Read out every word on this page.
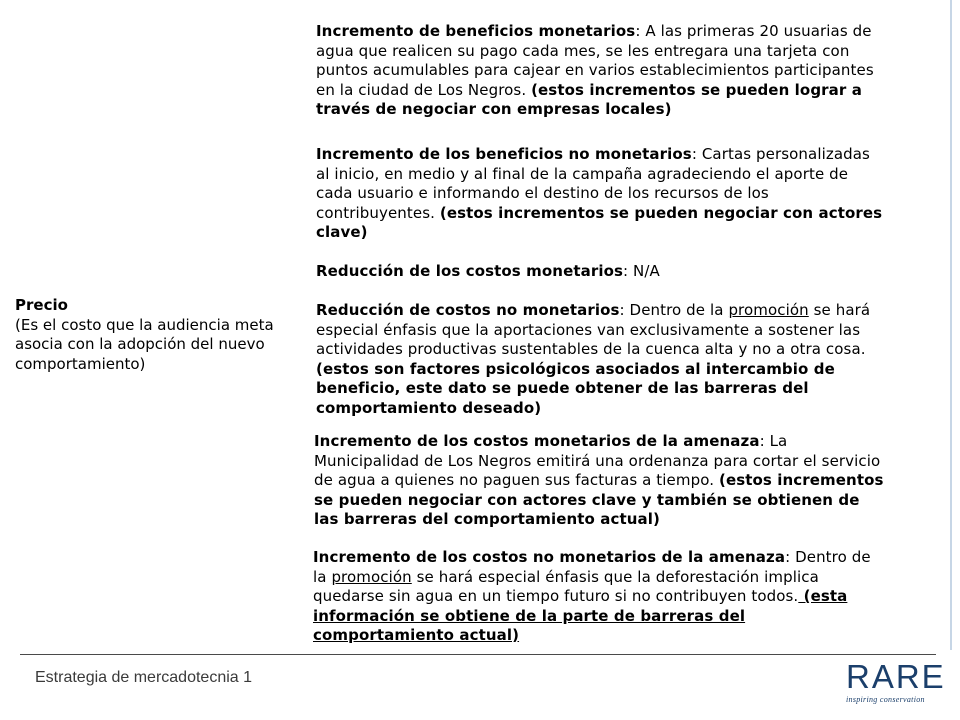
Precio
(Es el costo que la audiencia meta asocia con la adopción del nuevo comportamiento)
Incremento de beneficios monetarios: A las primeras 20 usuarias de agua que realicen su pago cada mes, se les entregara una tarjeta con puntos acumulables para cajear en varios establecimientos participantes en la ciudad de Los Negros. (estos incrementos se pueden lograr a través de negociar con empresas locales)
Incremento de los beneficios no monetarios: Cartas personalizadas al inicio, en medio y al final de la campaña agradeciendo el aporte de cada usuario e informando el destino de los recursos de los contribuyentes. (estos incrementos se pueden negociar con actores clave)
Reducción de los costos monetarios: N/A
Reducción de costos no monetarios: Dentro de la promoción se hará especial énfasis que la aportaciones van exclusivamente a sostener las actividades productivas sustentables de la cuenca alta y no a otra cosa. (estos son factores psicológicos asociados al intercambio de beneficio, este dato se puede obtener de las barreras del comportamiento deseado)
Incremento de los costos monetarios de la amenaza: La Municipalidad de Los Negros emitirá una ordenanza para cortar el servicio de agua a quienes no paguen sus facturas a tiempo. (estos incrementos se pueden negociar con actores clave y también se obtienen de las barreras del comportamiento actual)
Incremento de los costos no monetarios de la amenaza: Dentro de la promoción se hará especial énfasis que la deforestación implica quedarse sin agua en un tiempo futuro si no contribuyen todos. (esta información se obtiene de la parte de barreras del comportamiento actual)
Estrategia de mercadotecnia 1	RARE
inspiring conservation
